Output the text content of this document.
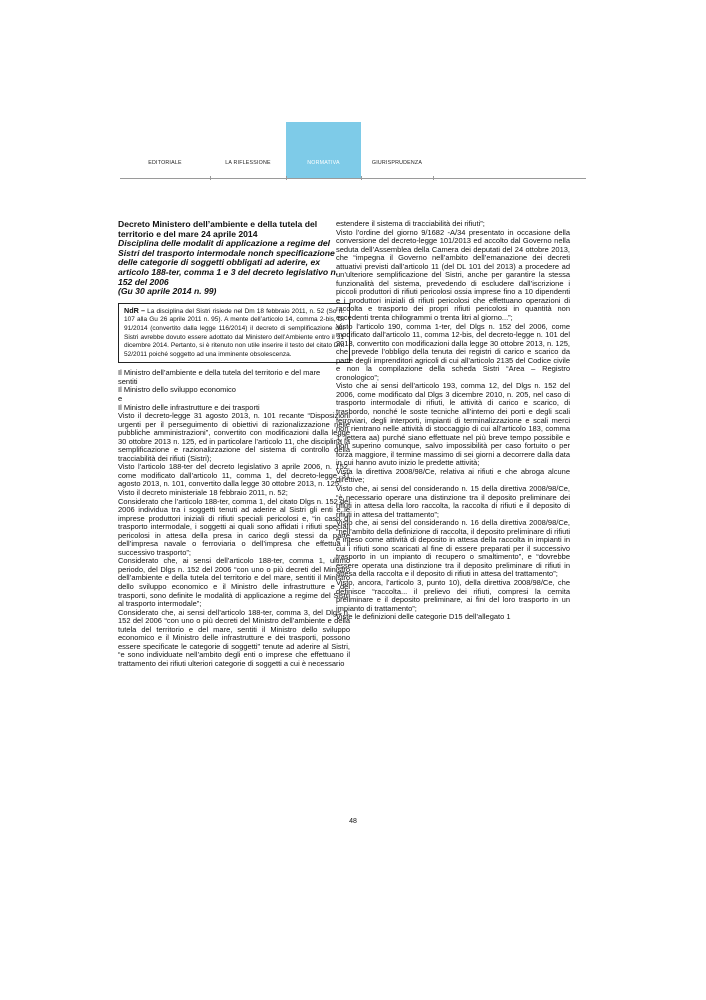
EDITORIALE	LA RIFLESSIONE	NORMATIVA	GIURISPRUDENZA
Decreto Ministero dell’ambiente e della tutela del territorio e del mare 24 aprile 2014
Disciplina delle modalit di applicazione a regime del Sistri del trasporto intermodale nonch specificazione delle categorie di soggetti obbligati ad aderire, ex articolo 188-ter, comma 1 e 3 del decreto legislativo n. 152 del 2006
(Gu 30 aprile 2014 n. 99)
NdR – La disciplina del Sistri risiede nel Dm 18 febbraio 2011, n. 52 (So n. 107 alla Gu 26 aprile 2011 n. 95). A mente dell’articolo 14, comma 2-bis, Dl 91/2014 (convertito dalla legge 116/2014) il decreto di semplificazione del Sistri avrebbe dovuto essere adottato dal Ministero dell’Ambiente entro il 31 dicembre 2014. Pertanto, si è ritenuto non utile inserire il testo del citato Dm 52/2011 poiché soggetto ad una imminente obsolescenza.

Il Ministro dell’ambiente e della tutela del territorio e del mare

sentiti

Il Ministro dello sviluppo economico

e

Il Ministro delle infrastrutture e dei trasporti

Visto il decreto-legge 31 agosto 2013, n. 101 recante “Disposizioni urgenti per il perseguimento di obiettivi di razionalizzazione nelle pubbliche amministrazioni”, convertito con modificazioni dalla legge 30 ottobre 2013 n. 125, ed in particolare l’articolo 11, che disciplina la semplificazione e razionalizzazione del sistema di controllo della tracciabilità dei rifiuti (Sistri);

Visto l’articolo 188-ter del decreto legislativo 3 aprile 2006, n. 152, come modificato dall’articolo 11, comma 1, del decreto-legge 31 agosto 2013, n. 101, convertito dalla legge 30 ottobre 2013, n. 125;

Visto il decreto ministeriale 18 febbraio 2011, n. 52;

Considerato che l’articolo 188-ter, comma 1, del citato Dlgs n. 152 del 2006 individua tra i soggetti tenuti ad aderire al Sistri gli enti e le imprese produttori iniziali di rifiuti speciali pericolosi e, “in caso di trasporto intermodale, i soggetti ai quali sono affidati i rifiuti speciali pericolosi in attesa della presa in carico degli stessi da parte dell’impresa navale o ferroviaria o dell’impresa che effettua il successivo trasporto”;

Considerato che, ai sensi dell’articolo 188-ter, comma 1, ultimo periodo, del Dlgs n. 152 del 2006 “con uno o più decreti del Ministro dell’ambiente e della tutela del territorio e del mare, sentiti il Ministro dello sviluppo economico e il Ministro delle infrastrutture e dei trasporti, sono definite le modalità di applicazione a regime del Sistri al trasporto intermodale”;

Considerato che, ai sensi dell’articolo 188-ter, comma 3, del Dlgs n. 152 del 2006 “con uno o più decreti del Ministro dell’ambiente e della tutela del territorio e del mare, sentiti il Ministro dello sviluppo economico e il Ministro delle infrastrutture e dei trasporti, possono essere specificate le categorie di soggetti” tenute ad aderire al Sistri, “e sono individuate nell’ambito degli enti o imprese che effettuano il trattamento dei rifiuti ulteriori categorie di soggetti a cui è necessario

estendere il sistema di tracciabilità dei rifiuti”;

Visto l’ordine del giorno 9/1682 -A/34 presentato in occasione della conversione del decreto-legge 101/2013 ed accolto dal Governo nella seduta dell’Assemblea della Camera dei deputati del 24 ottobre 2013, che “impegna il Governo nell’ambito dell’emanazione dei decreti attuativi previsti dall’articolo 11 (del DL 101 del 2013) a procedere ad un’ulteriore semplificazione del Sistri, anche per garantire la stessa funzionalità del sistema, prevedendo di escludere dall’iscrizione i piccoli produttori di rifiuti pericolosi ossia imprese fino a 10 dipendenti e i produttori iniziali di rifiuti pericolosi che effettuano operazioni di raccolta e trasporto dei propri rifiuti pericolosi in quantità non eccedenti trenta chilogrammi o trenta litri al giorno...”;

Visto l’articolo 190, comma 1-ter, del Dlgs n. 152 del 2006, come modificato dall’articolo 11, comma 12-bis, del decreto-legge n. 101 del 2013, convertito con modificazioni dalla legge 30 ottobre 2013, n. 125, che prevede l’obbligo della tenuta dei registri di carico e scarico da parte degli imprenditori agricoli di cui all’articolo 2135 del Codice civile e non la compilazione della scheda Sistri “Area – Registro cronologico”;

Visto che ai sensi dell’articolo 193, comma 12, del Dlgs n. 152 del 2006, come modificato dal Dlgs 3 dicembre 2010, n. 205, nel caso di trasporto intermodale di rifiuti, le attività di carico e scarico, di trasbordo, nonché le soste tecniche all’interno dei porti e degli scali ferroviari, degli interporti, impianti di terminalizzazione e scali merci non rientrano nelle attività di stoccaggio di cui all’articolo 183, comma 1, lettera aa) purché siano effettuate nel più breve tempo possibile e non superino comunque, salvo impossibilità per caso fortuito o per forza maggiore, il termine massimo di sei giorni a decorrere dalla data in cui hanno avuto inizio le predette attività;

Vista la direttiva 2008/98/Ce, relativa ai rifiuti e che abroga alcune direttive;

Visto che, ai sensi del considerando n. 15 della direttiva 2008/98/Ce, “è necessario operare una distinzione tra il deposito preliminare dei rifiuti in attesa della loro raccolta, la raccolta di rifiuti e il deposito di rifiuti in attesa del trattamento”;

Visto che, ai sensi del considerando n. 16 della direttiva 2008/98/Ce, “nell’ambito della definizione di raccolta, il deposito preliminare di rifiuti è inteso come attività di deposito in attesa della raccolta in impianti in cui i rifiuti sono scaricati al fine di essere preparati per il successivo trasporto in un impianto di recupero o smaltimento”, e “dovrebbe essere operata una distinzione tra il deposito preliminare di rifiuti in attesa della raccolta e il deposito di rifiuti in attesa del trattamento”;

Visto, ancora, l’articolo 3, punto 10), della direttiva 2008/98/Ce, che definisce “raccolta... il prelievo dei rifiuti, compresi la cernita preliminare e il deposito preliminare, ai fini del loro trasporto in un impianto di trattamento”;

Viste le definizioni delle categorie D15 dell’allegato 1

48
